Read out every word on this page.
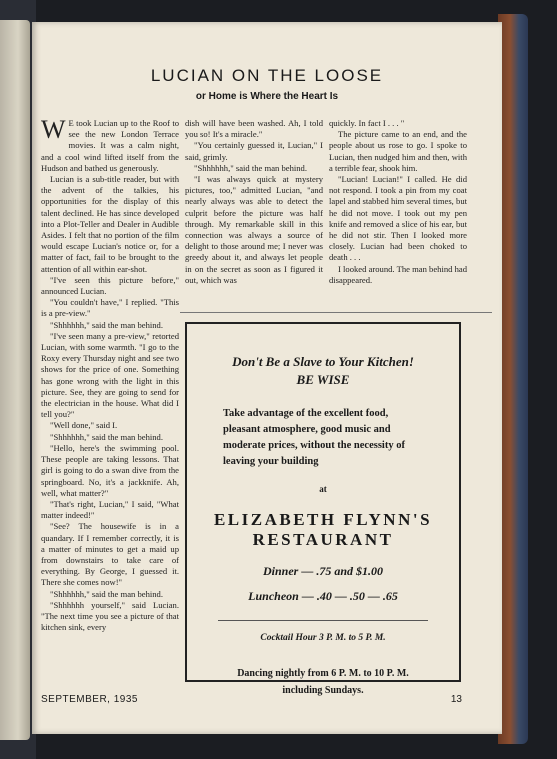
LUCIAN ON THE LOOSE
or Home is Where the Heart Is

W E took Lucian up to the Roof to see the new London Terrace movies. It was a calm night, and a cool wind lifted itself from the Hudson and bathed us generously.

Lucian is a sub-title reader, but with the advent of the talkies, his opportunities for the display of this talent declined. He has since developed into a Plot-Teller and Dealer in Audible Asides. I felt that no portion of the film would escape Lucian's notice or, for a matter of fact, fail to be brought to the attention of all within ear-shot.

"I've seen this picture before," announced Lucian.

"You couldn't have," I replied. "This is a pre-view."

"Shhhhhh," said the man behind.

"I've seen many a pre-view," retorted Lucian, with some warmth. "I go to the Roxy every Thursday night and see two shows for the price of one. Something has gone wrong with the light in this picture. See, they are going to send for the electrician in the house. What did I tell you?"

"Well done," said I.

"Shhhhhh," said the man behind.

"Hello, here's the swimming pool. These people are taking lessons. That girl is going to do a swan dive from the springboard. No, it's a jackknife. Ah, well, what matter?"

"That's right, Lucian," I said, "What matter indeed!"

"See? The housewife is in a quandary. If I remember correctly, it is a matter of minutes to get a maid up from downstairs to take care of everything. By George, I guessed it. There she comes now!"

"Shhhhhh," said the man behind.

"Shhhhhh yourself," said Lucian. "The next time you see a picture of that kitchen sink, every

dish will have been washed. Ah, I told you so! It's a miracle."

"You certainly guessed it, Lucian," I said, grimly.

"Shhhhhh," said the man behind.

"I was always quick at mystery pictures, too," admitted Lucian, "and nearly always was able to detect the culprit before the picture was half through. My remarkable skill in this connection was always a source of delight to those around me; I never was greedy about it, and always let people in on the secret as soon as I figured it out, which was

quickly. In fact I . . . "

The picture came to an end, and the people about us rose to go. I spoke to Lucian, then nudged him and then, with a terrible fear, shook him.

"Lucian! Lucian!" I called. He did not respond. I took a pin from my coat lapel and stabbed him several times, but he did not move. I took out my pen knife and removed a slice of his ear, but he did not stir. Then I looked more closely. Lucian had been choked to death . . .

I looked around. The man behind had disappeared.

Don't Be a Slave to Your Kitchen!
BE WISE
Take advantage of the excellent food, pleasant atmosphere, good music and moderate prices, without the necessity of leaving your building
at
ELIZABETH FLYNN'S
RESTAURANT
Dinner — .75 and $1.00
Luncheon — .40 — .50 — .65
Cocktail Hour 3 P. M. to 5 P. M.
Dancing nightly from 6 P. M. to 10 P. M.
including Sundays.
SEPTEMBER, 1935	13
